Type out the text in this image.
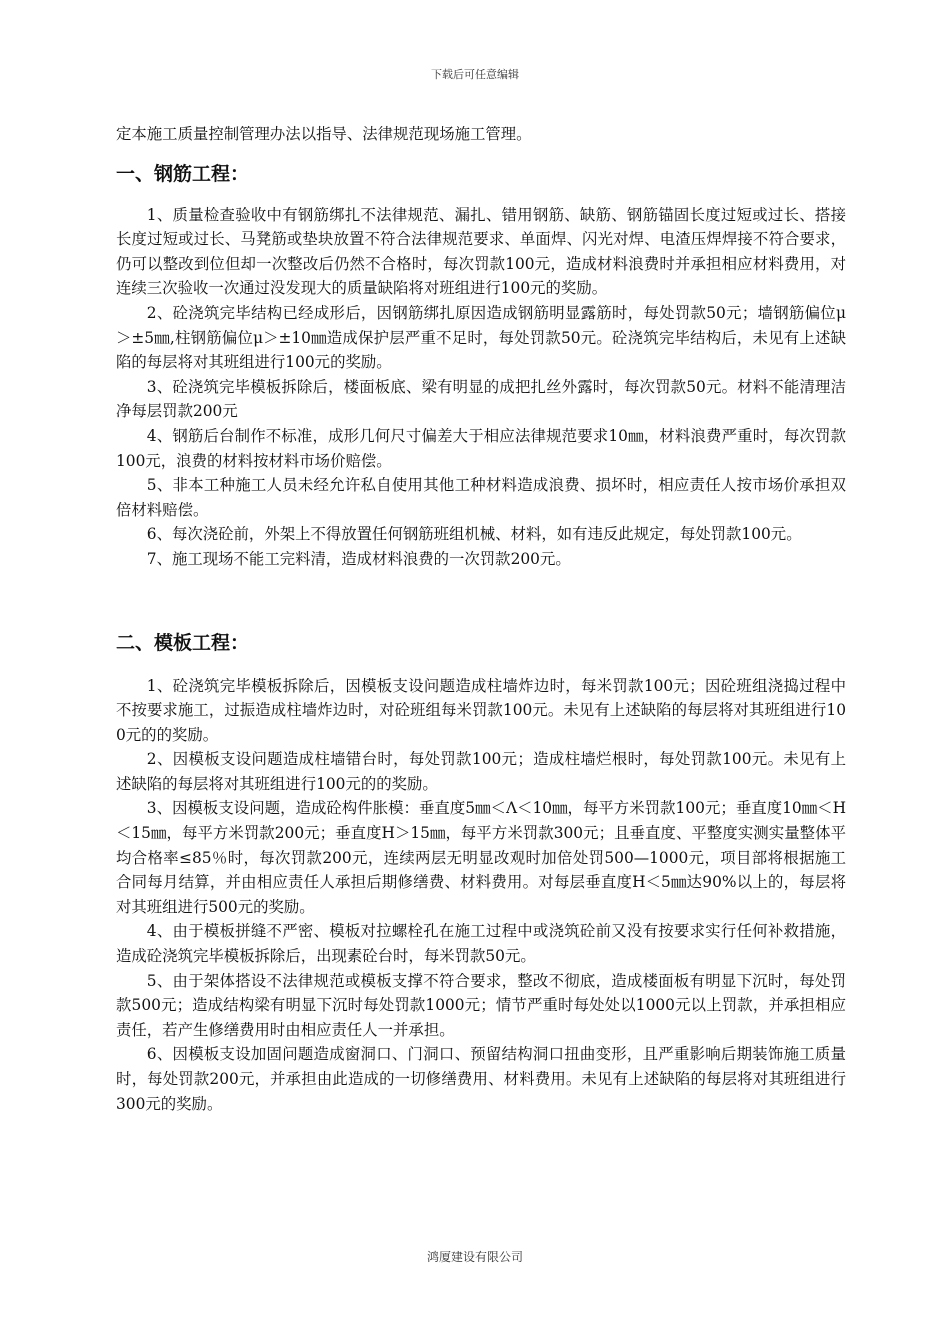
下载后可任意编辑

定本施工质量控制管理办法以指导、法律规范现场施工管理。

一、钢筋工程：

1、质量检查验收中有钢筋绑扎不法律规范、漏扎、错用钢筋、缺筋、钢筋锚固长度过短或过长、搭接长度过短或过长、马凳筋或垫块放置不符合法律规范要求、单面焊、闪光对焊、电渣压焊焊接不符合要求，仍可以整改到位但却一次整改后仍然不合格时，每次罚款100元，造成材料浪费时并承担相应材料费用，对连续三次验收一次通过没发现大的质量缺陷将对班组进行100元的奖励。

2、砼浇筑完毕结构已经成形后，因钢筋绑扎原因造成钢筋明显露筋时，每处罚款50元；墙钢筋偏位μ＞±5㎜,柱钢筋偏位μ＞±10㎜造成保护层严重不足时，每处罚款50元。砼浇筑完毕结构后，未见有上述缺陷的每层将对其班组进行100元的奖励。

3、砼浇筑完毕模板拆除后，楼面板底、梁有明显的成把扎丝外露时，每次罚款50元。材料不能清理洁净每层罚款200元

4、钢筋后台制作不标准，成形几何尺寸偏差大于相应法律规范要求10㎜，材料浪费严重时，每次罚款100元，浪费的材料按材料市场价赔偿。

5、非本工种施工人员未经允许私自使用其他工种材料造成浪费、损坏时，相应责任人按市场价承担双倍材料赔偿。

6、每次浇砼前，外架上不得放置任何钢筋班组机械、材料，如有违反此规定，每处罚款100元。

7、施工现场不能工完料清，造成材料浪费的一次罚款200元。

二、模板工程：

1、砼浇筑完毕模板拆除后，因模板支设问题造成柱墙炸边时，每米罚款100元；因砼班组浇捣过程中不按要求施工，过振造成柱墙炸边时，对砼班组每米罚款100元。未见有上述缺陷的每层将对其班组进行100元的的奖励。

2、因模板支设问题造成柱墙错台时，每处罚款100元；造成柱墙烂根时，每处罚款100元。未见有上述缺陷的每层将对其班组进行100元的的奖励。

3、因模板支设问题，造成砼构件胀模：垂直度5㎜＜Λ＜10㎜，每平方米罚款100元；垂直度10㎜＜H＜15㎜，每平方米罚款200元；垂直度H＞15㎜，每平方米罚款300元；且垂直度、平整度实测实量整体平均合格率≤85％时，每次罚款200元，连续两层无明显改观时加倍处罚500—1000元，项目部将根据施工合同每月结算，并由相应责任人承担后期修缮费、材料费用。对每层垂直度H＜5㎜达90%以上的，每层将对其班组进行500元的奖励。

4、由于模板拼缝不严密、模板对拉螺栓孔在施工过程中或浇筑砼前又没有按要求实行任何补救措施，造成砼浇筑完毕模板拆除后，出现素砼台时，每米罚款50元。

5、由于架体搭设不法律规范或模板支撑不符合要求，整改不彻底，造成楼面板有明显下沉时，每处罚款500元；造成结构梁有明显下沉时每处罚款1000元；情节严重时每处处以1000元以上罚款，并承担相应责任，若产生修缮费用时由相应责任人一并承担。

6、因模板支设加固问题造成窗洞口、门洞口、预留结构洞口扭曲变形，且严重影响后期装饰施工质量时，每处罚款200元，并承担由此造成的一切修缮费用、材料费用。未见有上述缺陷的每层将对其班组进行300元的奖励。

鸿厦建设有限公司
